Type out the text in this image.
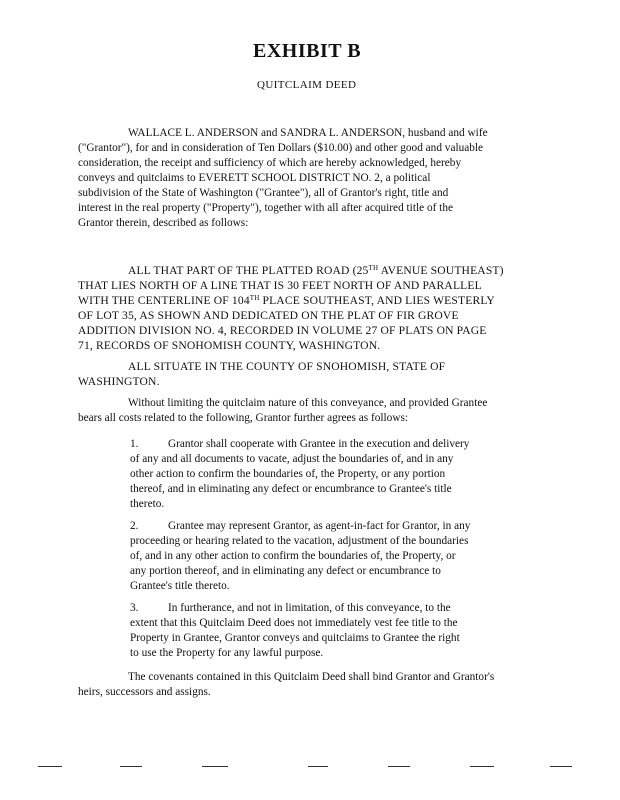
EXHIBIT B
QUITCLAIM DEED
WALLACE L. ANDERSON and SANDRA L. ANDERSON, husband and wife
("Grantor"), for and in consideration of Ten Dollars ($10.00) and other good and valuable
consideration, the receipt and sufficiency of which are hereby acknowledged, hereby
conveys and quitclaims to EVERETT SCHOOL DISTRICT NO. 2, a political
subdivision of the State of Washington ("Grantee"), all of Grantor's right, title and
interest in the real property ("Property"), together with all after acquired title of the
Grantor therein, described as follows:
ALL THAT PART OF THE PLATTED ROAD (25TH AVENUE SOUTHEAST)
THAT LIES NORTH OF A LINE THAT IS 30 FEET NORTH OF AND PARALLEL
WITH THE CENTERLINE OF 104TH PLACE SOUTHEAST, AND LIES WESTERLY
OF LOT 35, AS SHOWN AND DEDICATED ON THE PLAT OF FIR GROVE
ADDITION DIVISION NO. 4, RECORDED IN VOLUME 27 OF PLATS ON PAGE
71, RECORDS OF SNOHOMISH COUNTY, WASHINGTON.
ALL SITUATE IN THE COUNTY OF SNOHOMISH, STATE OF
WASHINGTON.
Without limiting the quitclaim nature of this conveyance, and provided Grantee
bears all costs related to the following, Grantor further agrees as follows:
1.	Grantor shall cooperate with Grantee in the execution and delivery
of any and all documents to vacate, adjust the boundaries of, and in any
other action to confirm the boundaries of, the Property, or any portion
thereof, and in eliminating any defect or encumbrance to Grantee's title
thereto.
2.	Grantee may represent Grantor, as agent-in-fact for Grantor, in any
proceeding or hearing related to the vacation, adjustment of the boundaries
of, and in any other action to confirm the boundaries of, the Property, or
any portion thereof, and in eliminating any defect or encumbrance to
Grantee's title thereto.
3.	In furtherance, and not in limitation, of this conveyance, to the
extent that this Quitclaim Deed does not immediately vest fee title to the
Property in Grantee, Grantor conveys and quitclaims to Grantee the right
to use the Property for any lawful purpose.
The covenants contained in this Quitclaim Deed shall bind Grantor and Grantor's
heirs, successors and assigns.
